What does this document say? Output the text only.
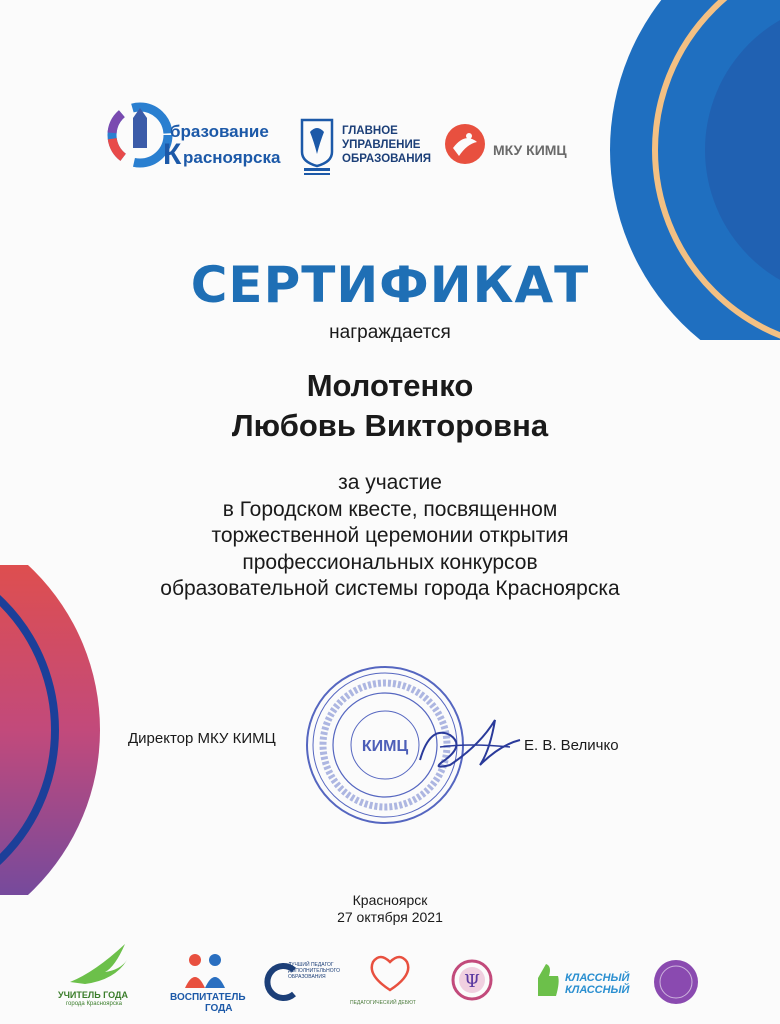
бразование
К расноярска
ГЛАВНОЕ
УПРАВЛЕНИЕ
ОБРАЗОВАНИЯ
МКУ КИМЦ
СЕРТИФИКАТ
награждается
Молотенко
Любовь Викторовна
за участие
в Городском квесте, посвященном
торжественной церемонии открытия
профессиональных конкурсов
образовательной системы города Красноярска
Директор МКУ КИМЦ	КИМЦ	Е. В. Величко
Красноярск
27 октября 2021
УЧИТЕЛЬ ГОДА
города Красноярска
ВОСПИТАТЕЛЬ
ГОДА
ЛУЧШИЙ ПЕДАГОГ ДОПОЛНИТЕЛЬНОГО ОБРАЗОВАНИЯ
ПЕДАГОГИЧЕСКИЙ ДЕБЮТ
Ψ	КЛАССНЫЙ
КЛАССНЫЙ
